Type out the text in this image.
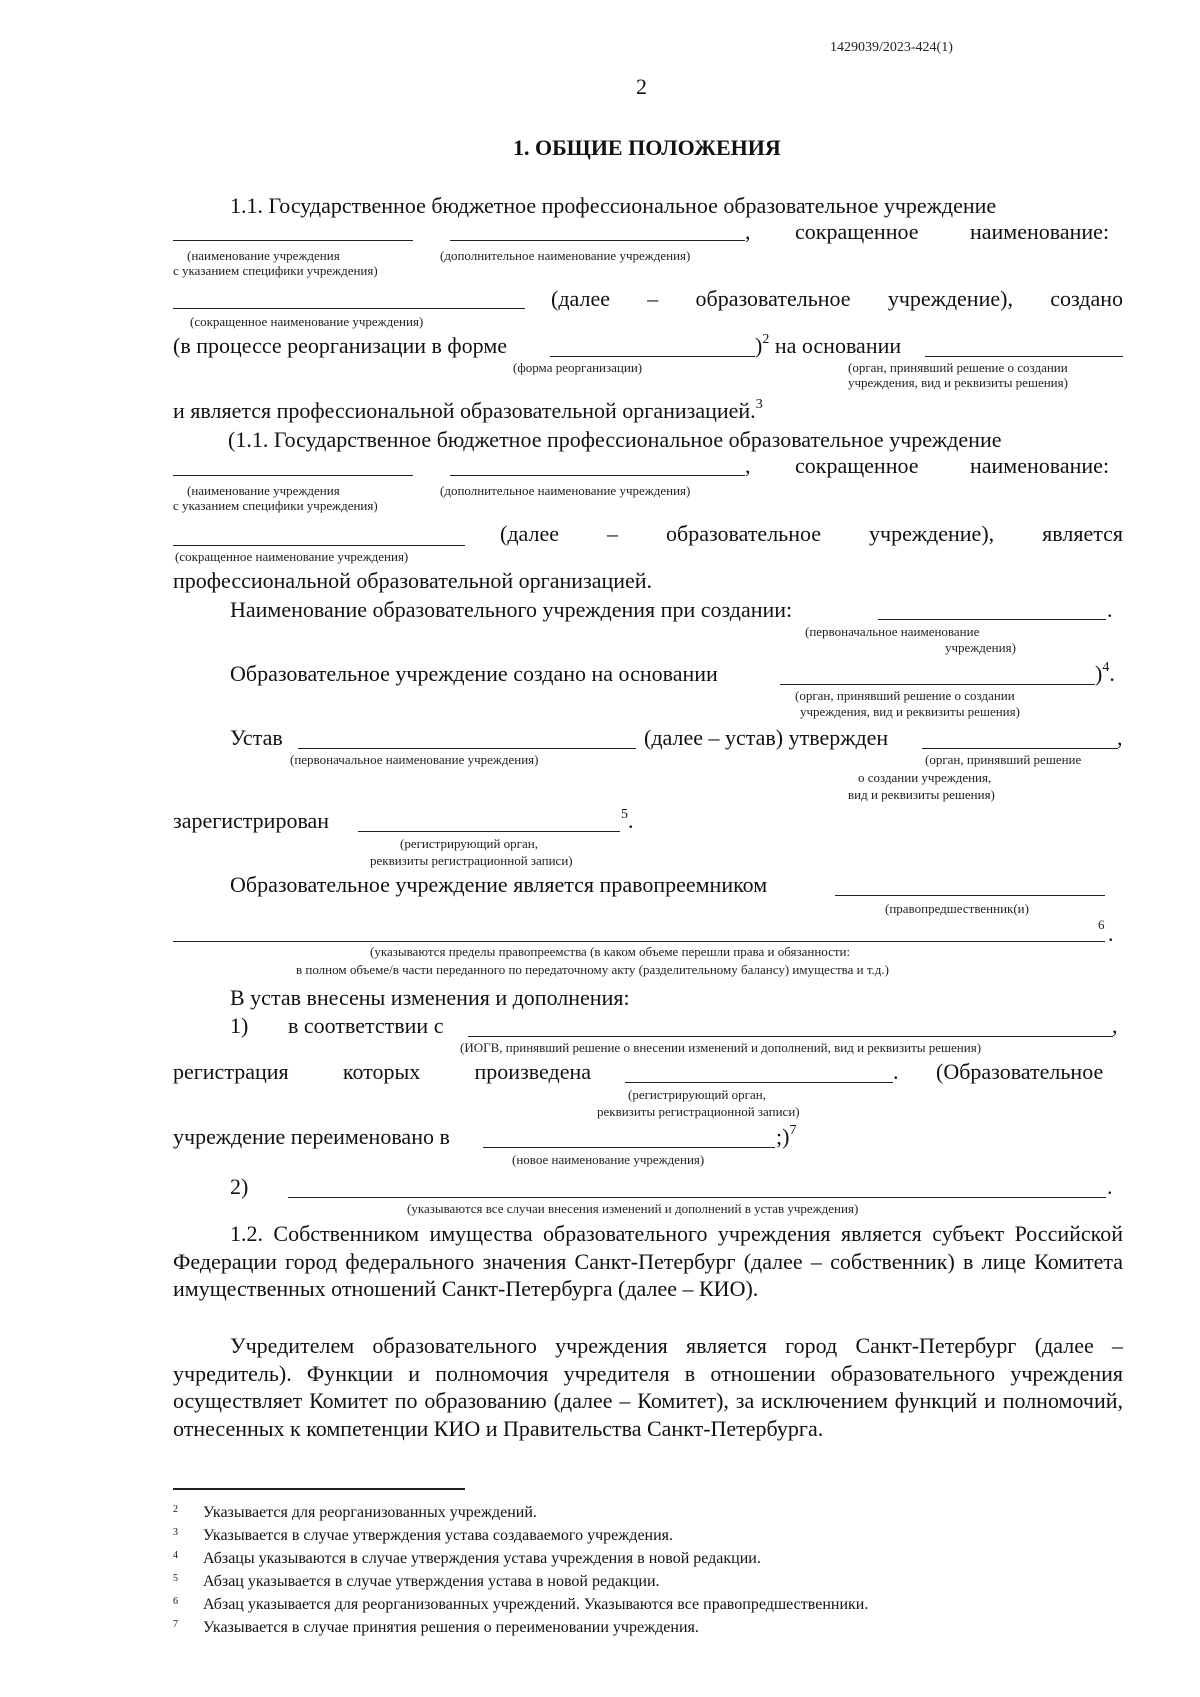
1429039/2023-424(1)
2
1. ОБЩИЕ ПОЛОЖЕНИЯ
1.1. Государственное бюджетное профессиональное образовательное учреждение
, сокращенное наименование:
(наименование учреждения
с указанием специфики учреждения)
(дополнительное наименование учреждения)
(далее – образовательное учреждение), создано
(сокращенное наименование учреждения)
(в процессе реорганизации в форме	)$^2$ на основании
(форма реорганизации)	(орган, принявший решение о создании
учреждения, вид и реквизиты решения)
и является профессиональной образовательной организацией.$^3$
(1.1. Государственное бюджетное профессиональное образовательное учреждение
, сокращенное наименование:
(наименование учреждения
с указанием специфики учреждения)
(дополнительное наименование учреждения)
(далее – образовательное учреждение), является
(сокращенное наименование учреждения)
профессиональной образовательной организацией.
Наименование образовательного учреждения при создании:	.
(первоначальное наименование
учреждения)
Образовательное учреждение создано на основании	)$^4$.
(орган, принявший решение о создании
учреждения, вид и реквизиты решения)
Устав	(далее – устав) утвержден	,
(первоначальное наименование учреждения)	(орган, принявший решение
о создании учреждения,
вид и реквизиты решения)
зарегистрирован	$^5$.
(регистрирующий орган,
реквизиты регистрационной записи)
Образовательное учреждение является правопреемником
(правопредшественник(и)
6 .
(указываются пределы правопреемства (в каком объеме перешли права и обязанности:
в полном объеме/в части переданного по передаточному акту (разделительному балансу) имущества и т.д.)
В устав внесены изменения и дополнения:
1) в соответствии с	,
(ИОГВ, принявший решение о внесении изменений и дополнений, вид и реквизиты решения)
регистрация которых произведена	. (Образовательное
(регистрирующий орган,
реквизиты регистрационной записи)
учреждение переименовано в	;)$^7$
(новое наименование учреждения)
2)	.
(указываются все случаи внесения изменений и дополнений в устав учреждения)
1.2. Собственником имущества образовательного учреждения является субъект Российской Федерации город федерального значения Санкт-Петербург (далее – собственник) в лице Комитета имущественных отношений Санкт-Петербурга (далее – КИО).
Учредителем образовательного учреждения является город Санкт-Петербург (далее – учредитель). Функции и полномочия учредителя в отношении образовательного учреждения осуществляет Комитет по образованию (далее – Комитет), за исключением функций и полномочий, отнесенных к компетенции КИО и Правительства Санкт-Петербурга.
2 Указывается для реорганизованных учреждений.
3 Указывается в случае утверждения устава создаваемого учреждения.
4 Абзацы указываются в случае утверждения устава учреждения в новой редакции.
5 Абзац указывается в случае утверждения устава в новой редакции.
6 Абзац указывается для реорганизованных учреждений. Указываются все правопредшественники.
7 Указывается в случае принятия решения о переименовании учреждения.
